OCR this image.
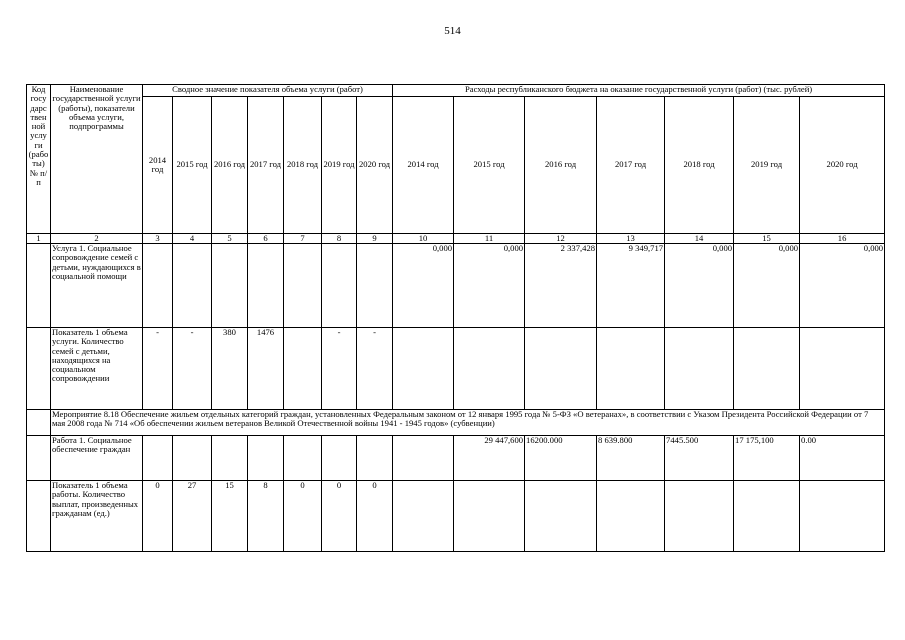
514
Код госу дарс твен ной услу ги (рабо ты) № п/п	Наименование государственной услуги (работы), показатели объема услуги, подпрограммы	Сводное значение показателя объема услуги (работ)							Расходы республиканского бюджета на оказание государственной услуги (работ) (тыс. рублей)						
		2014 год	2015 год	2016 год	2017 год	2018 год	2019 год	2020 год	2014 год	2015 год	2016 год	2017 год	2018 год	2019 год	2020 год
1	2	3	4	5	6	7	8	9	10	11	12	13	14	15	16
	Услуга 1. Социальное сопровождение семей с детьми, нуждающихся в социальной помощи								0,000	0,000	2 337,428	9 349,717	0,000	0,000	0,000
	Показатель 1 объема услуги. Количество семей с детьми, находящихся на социальном сопровождении	-	-	380	1476		-	-							
	Мероприятие 8.18 Обеспечение жильем отдельных категорий граждан, установленных Федеральным законом от 12 января 1995 года № 5-ФЗ «О ветеранах», в соответствии с Указом Президента Российской Федерации от 7 мая 2008 года № 714 «Об обеспечении жильем ветеранов Великой Отечественной войны 1941 - 1945 годов» (субвенции)														
	Работа 1. Социальное обеспечение граждан									29 447,600	16200.000	8 639.800	7445.500	17 175,100	0.00
	Показатель 1 объема работы. Количество выплат, произведенных гражданам (ед.)	0	27	15	8	0	0	0							
